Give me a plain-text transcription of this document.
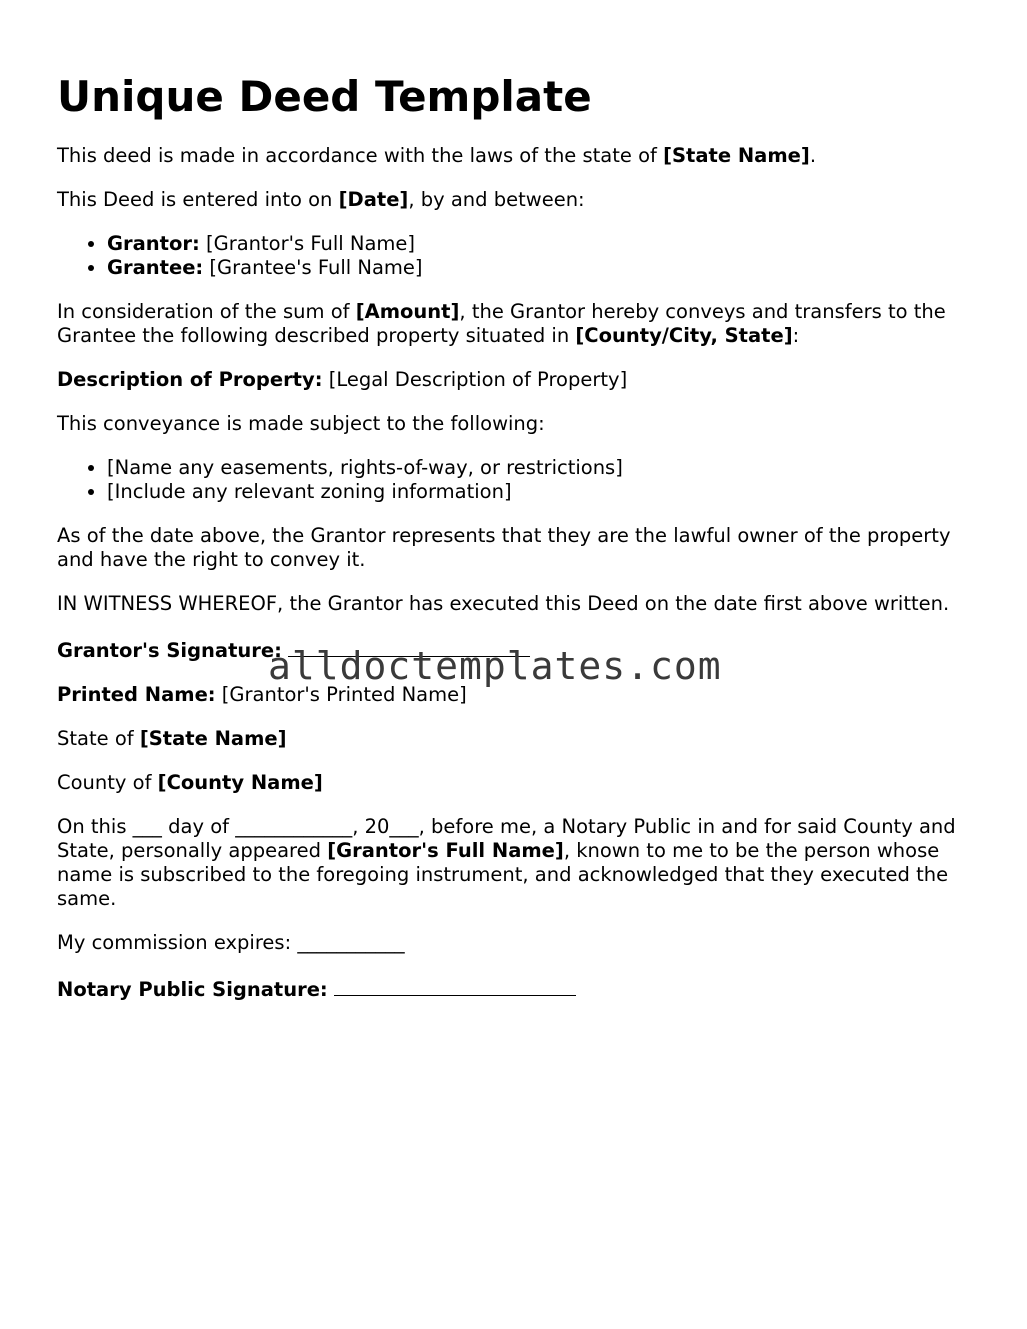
Unique Deed Template

This deed is made in accordance with the laws of the state of [State Name].

This Deed is entered into on [Date], by and between:

• Grantor: [Grantor's Full Name]
• Grantee: [Grantee's Full Name]

In consideration of the sum of [Amount], the Grantor hereby conveys and transfers to the Grantee the following described property situated in [County/City, State]:

Description of Property: [Legal Description of Property]

This conveyance is made subject to the following:

• [Name any easements, rights-of-way, or restrictions]
• [Include any relevant zoning information]

As of the date above, the Grantor represents that they are the lawful owner of the property and have the right to convey it.

IN WITNESS WHEREOF, the Grantor has executed this Deed on the date first above written.

Grantor's Signature:

Printed Name: [Grantor's Printed Name]

State of [State Name]

County of [County Name]

On this ___ day of ____________, 20___, before me, a Notary Public in and for said County and State, personally appeared [Grantor's Full Name], known to me to be the person whose name is subscribed to the foregoing instrument, and acknowledged that they executed the same.

My commission expires: ___________

Notary Public Signature:

alldoctemplates.com
